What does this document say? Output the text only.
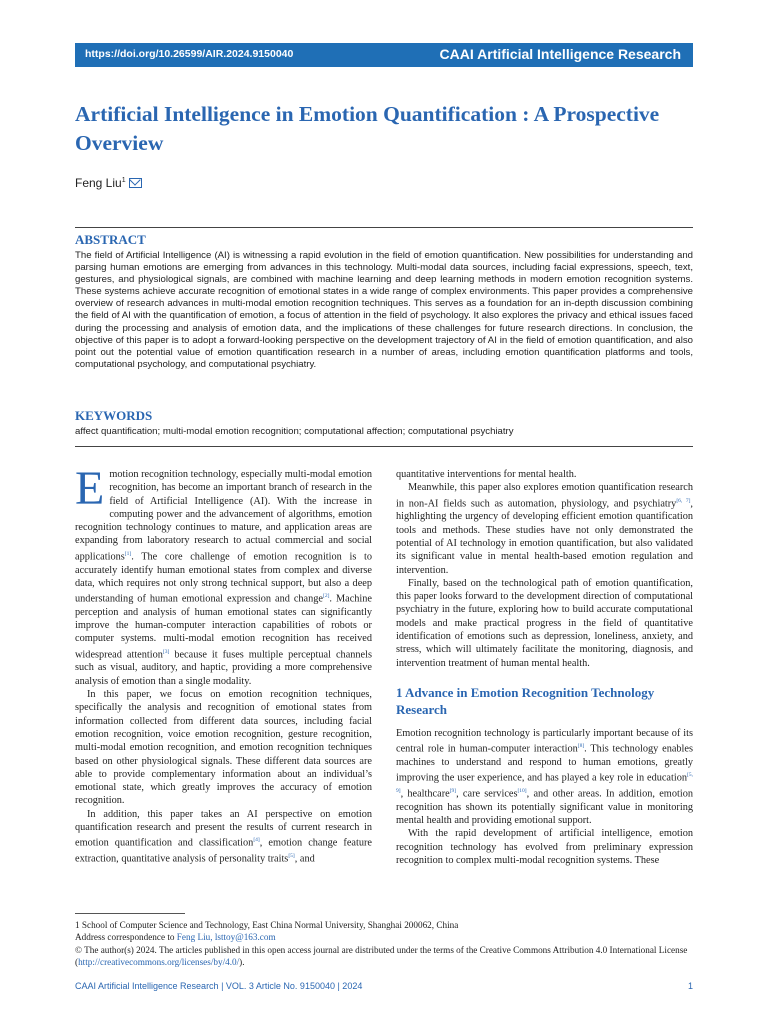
https://doi.org/10.26599/AIR.2024.9150040	CAAI Artificial Intelligence Research
Artificial Intelligence in Emotion Quantification : A Prospective Overview
Feng Liu$^1$
ABSTRACT

The field of Artificial Intelligence (AI) is witnessing a rapid evolution in the field of emotion quantification. New possibilities for understanding and parsing human emotions are emerging from advances in this technology. Multi-modal data sources, including facial expressions, speech, text, gestures, and physiological signals, are combined with machine learning and deep learning methods in modern emotion recognition systems. These systems achieve accurate recognition of emotional states in a wide range of complex environments. This paper provides a comprehensive overview of research advances in multi-modal emotion recognition techniques. This serves as a foundation for an in-depth discussion combining the field of AI with the quantification of emotion, a focus of attention in the field of psychology. It also explores the privacy and ethical issues faced during the processing and analysis of emotion data, and the implications of these challenges for future research directions. In conclusion, the objective of this paper is to adopt a forward-looking perspective on the development trajectory of AI in the field of emotion quantification, and also point out the potential value of emotion quantification research in a number of areas, including emotion quantification platforms and tools, computational psychology, and computational psychiatry.

KEYWORDS

affect quantification; multi-modal emotion recognition; computational affection; computational psychiatry

Emotion recognition technology, especially multi-modal emotion recognition, has become an important branch of research in the field of Artificial Intelligence (AI). With the increase in computing power and the advancement of algorithms, emotion recognition technology continues to mature, and application areas are expanding from laboratory research to actual commercial and social applications[1]. The core challenge of emotion recognition is to accurately identify human emotional states from complex and diverse data, which requires not only strong technical support, but also a deep understanding of human emotional expression and change[2]. Machine perception and analysis of human emotional states can significantly improve the human-computer interaction capabilities of robots or computer systems. multi-modal emotion recognition has received widespread attention[3] because it fuses multiple perceptual channels such as visual, auditory, and haptic, providing a more comprehensive analysis of emotion than a single modality.

In this paper, we focus on emotion recognition techniques, specifically the analysis and recognition of emotional states from information collected from different data sources, including facial emotion recognition, voice emotion recognition, gesture recognition, multi-modal emotion recognition, and emotion recognition techniques based on other physiological signals. These different data sources are able to provide complementary information about an individual’s emotional state, which greatly improves the accuracy of emotion recognition.

In addition, this paper takes an AI perspective on emotion quantification research and present the results of current research in emotion quantification and classification[4], emotion change feature extraction, quantitative analysis of personality traits[5], and

quantitative interventions for mental health.

Meanwhile, this paper also explores emotion quantification research in non-AI fields such as automation, physiology, and psychiatry[6, 7], highlighting the urgency of developing efficient emotion quantification tools and methods. These studies have not only demonstrated the potential of AI technology in emotion quantification, but also validated its significant value in mental health-based emotion regulation and intervention.

Finally, based on the technological path of emotion quantification, this paper looks forward to the development direction of computational psychiatry in the future, exploring how to build accurate computational models and make practical progress in the field of quantitative identification of emotions such as depression, loneliness, anxiety, and stress, which will ultimately facilitate the monitoring, diagnosis, and intervention treatment of human mental health.

1 Advance in Emotion Recognition Technology Research

Emotion recognition technology is particularly important because of its central role in human-computer interaction[8]. This technology enables machines to understand and respond to human emotions, greatly improving the user experience, and has played a key role in education[5, 9], healthcare[9], care services[10], and other areas. In addition, emotion recognition has shown its potentially significant value in monitoring mental health and providing emotional support.

With the rapid development of artificial intelligence, emotion recognition technology has evolved from preliminary expression recognition to complex multi-modal recognition systems. These

1 School of Computer Science and Technology, East China Normal University, Shanghai 200062, China
Address correspondence to Feng Liu, lsttoy@163.com
© The author(s) 2024. The articles published in this open access journal are distributed under the terms of the Creative Commons Attribution 4.0 International License (http://creativecommons.org/licenses/by/4.0/).
CAAI Artificial Intelligence Research | VOL. 3 Article No. 9150040 | 2024	1
